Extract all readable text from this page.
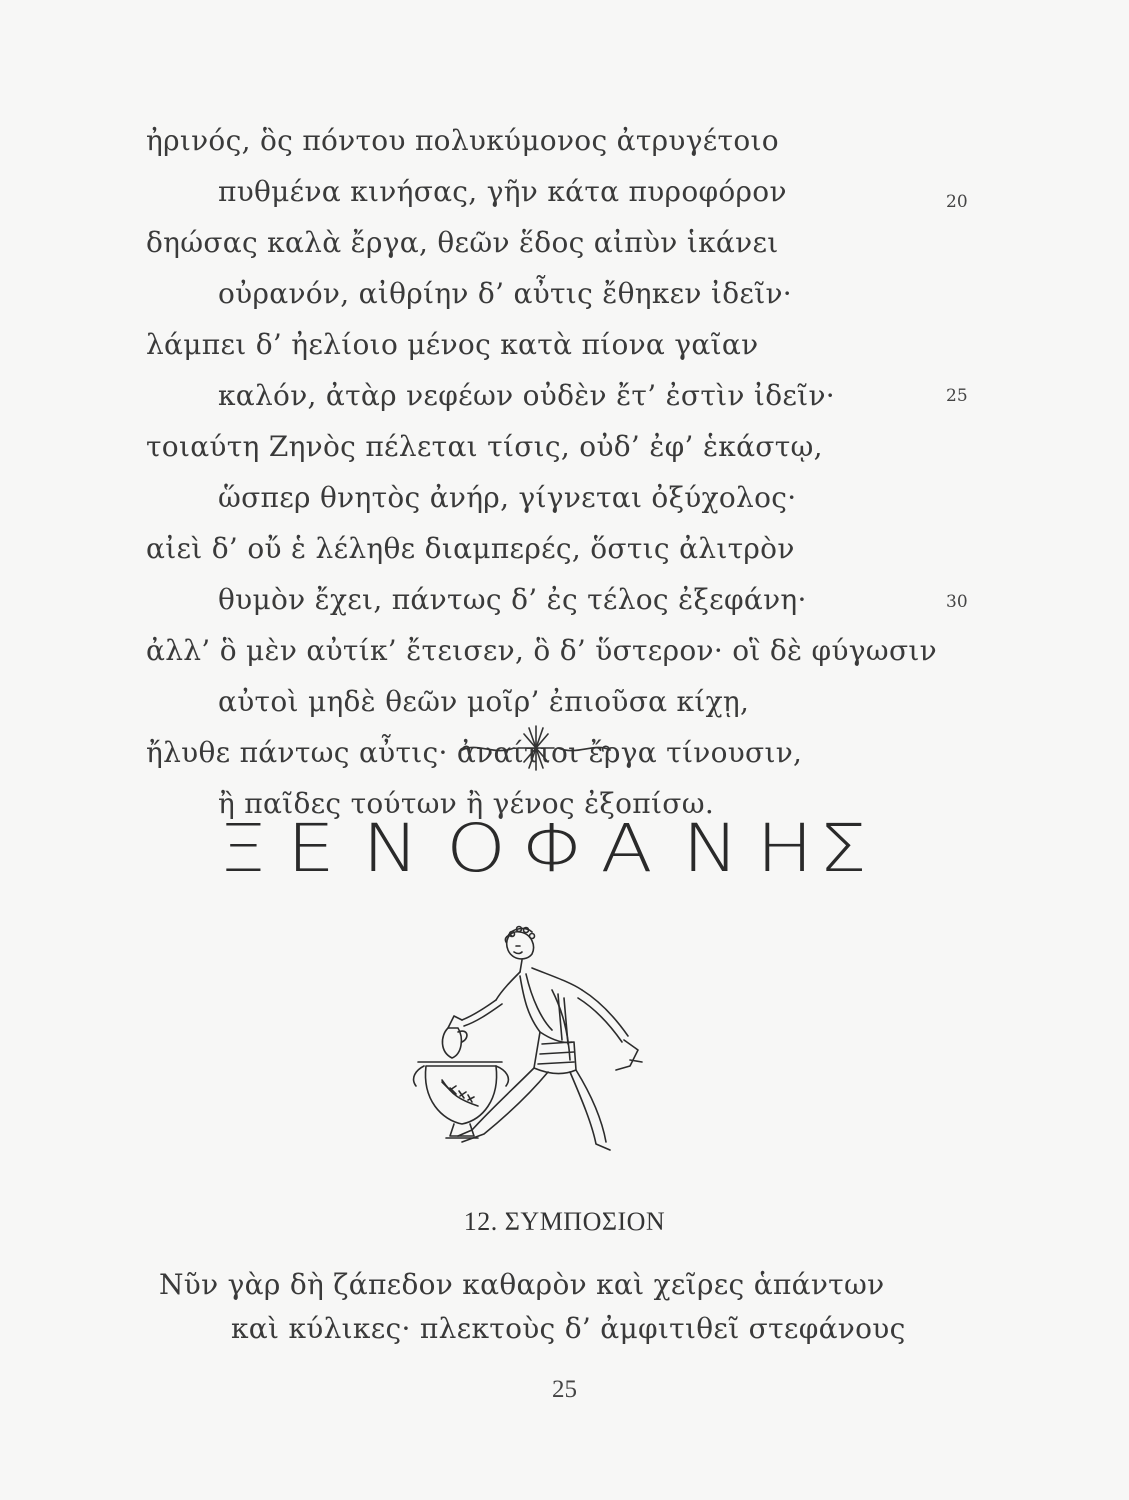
ἠρινός, ὃς πόντου πολυκύμονος ἀτρυγέτοιο
πυθμένα κινήσας, γῆν κάτα πυροφόρον	20
δηώσας καλὰ ἔργα, θεῶν ἕδος αἰπὺν ἱκάνει
οὐρανόν, αἰθρίην δ’ αὖτις ἔθηκεν ἰδεῖν·
λάμπει δ’ ἠελίοιο μένος κατὰ πίονα γαῖαν
καλόν, ἀτὰρ νεφέων οὐδὲν ἔτ’ ἐστὶν ἰδεῖν·
τοιαύτη Ζηνὸς πέλεται τίσις, οὐδ’ ἐφ’ ἑκάστῳ,
25
ὥσπερ θνητὸς ἀνήρ, γίγνεται ὀξύχολος·
αἰεὶ δ’ οὔ ἑ λέληθε διαμπερές, ὅστις ἀλιτρὸν
θυμὸν ἔχει, πάντως δ’ ἐς τέλος ἐξεφάνη·
ἀλλ’ ὃ μὲν αὐτίκ’ ἔτεισεν, ὃ δ’ ὕστερον· οἳ δὲ φύγωσιν
αὐτοὶ μηδὲ θεῶν μοῖρ’ ἐπιοῦσα κίχῃ,
30
ἤλυθε πάντως αὖτις· ἀναίτιοι ἔργα τίνουσιν,
ἢ παῖδες τούτων ἢ γένος ἐξοπίσω.
Ξ Ε Ν Ο Φ Α Ν Η Σ
12. ΣΥΜΠΟΣΙΟΝ
Νῦν γὰρ δὴ ζάπεδον καθαρὸν καὶ χεῖρες ἁπάντων
καὶ κύλικες· πλεκτοὺς δ’ ἀμφιτιθεῖ στεφάνους
25
